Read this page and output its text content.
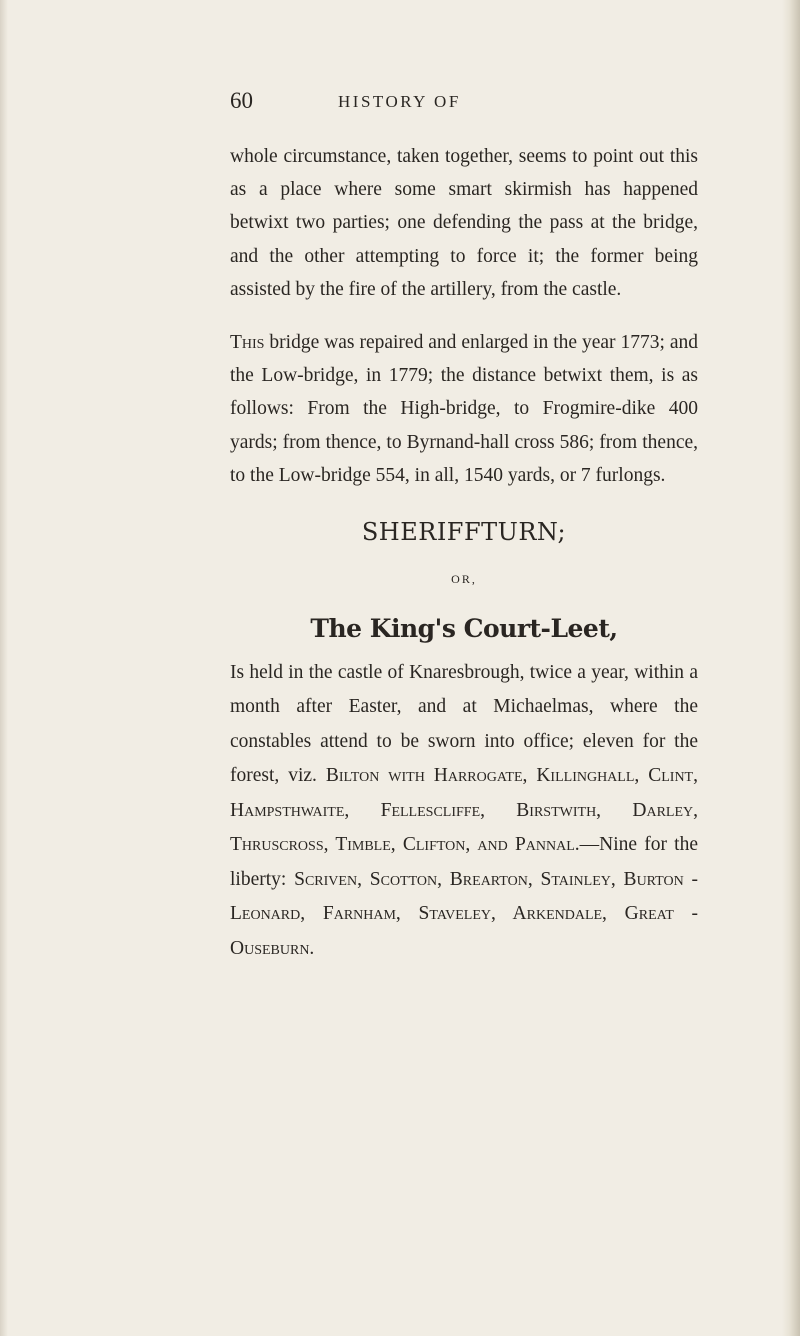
60	HISTORY OF

whole circumstance, taken together, seems to point out this as a place where some smart skirmish has happened betwixt two parties; one defending the pass at the bridge, and the other attempting to force it; the former being assisted by the fire of the artillery, from the castle.

This bridge was repaired and enlarged in the year 1773; and the Low-bridge, in 1779; the distance betwixt them, is as follows: From the High-bridge, to Frogmire-dike 400 yards; from thence, to Byrnand-hall cross 586; from thence, to the Low-bridge 554, in all, 1540 yards, or 7 furlongs.

SHERIFFTURN;
OR,
The King's Court-Leet,

Is held in the castle of Knaresbrough, twice a year, within a month after Easter, and at Michaelmas, where the constables attend to be sworn into office; eleven for the forest, viz. Bilton with Harrogate, Killinghall, Clint, Hampsthwaite, Fellescliffe, Birstwith, Darley, Thruscross, Timble, Clifton, and Pannal.—Nine for the liberty: Scriven, Scotton, Brearton, Stainley, Burton - Leonard, Farnham, Staveley, Arkendale, Great - Ouseburn.
